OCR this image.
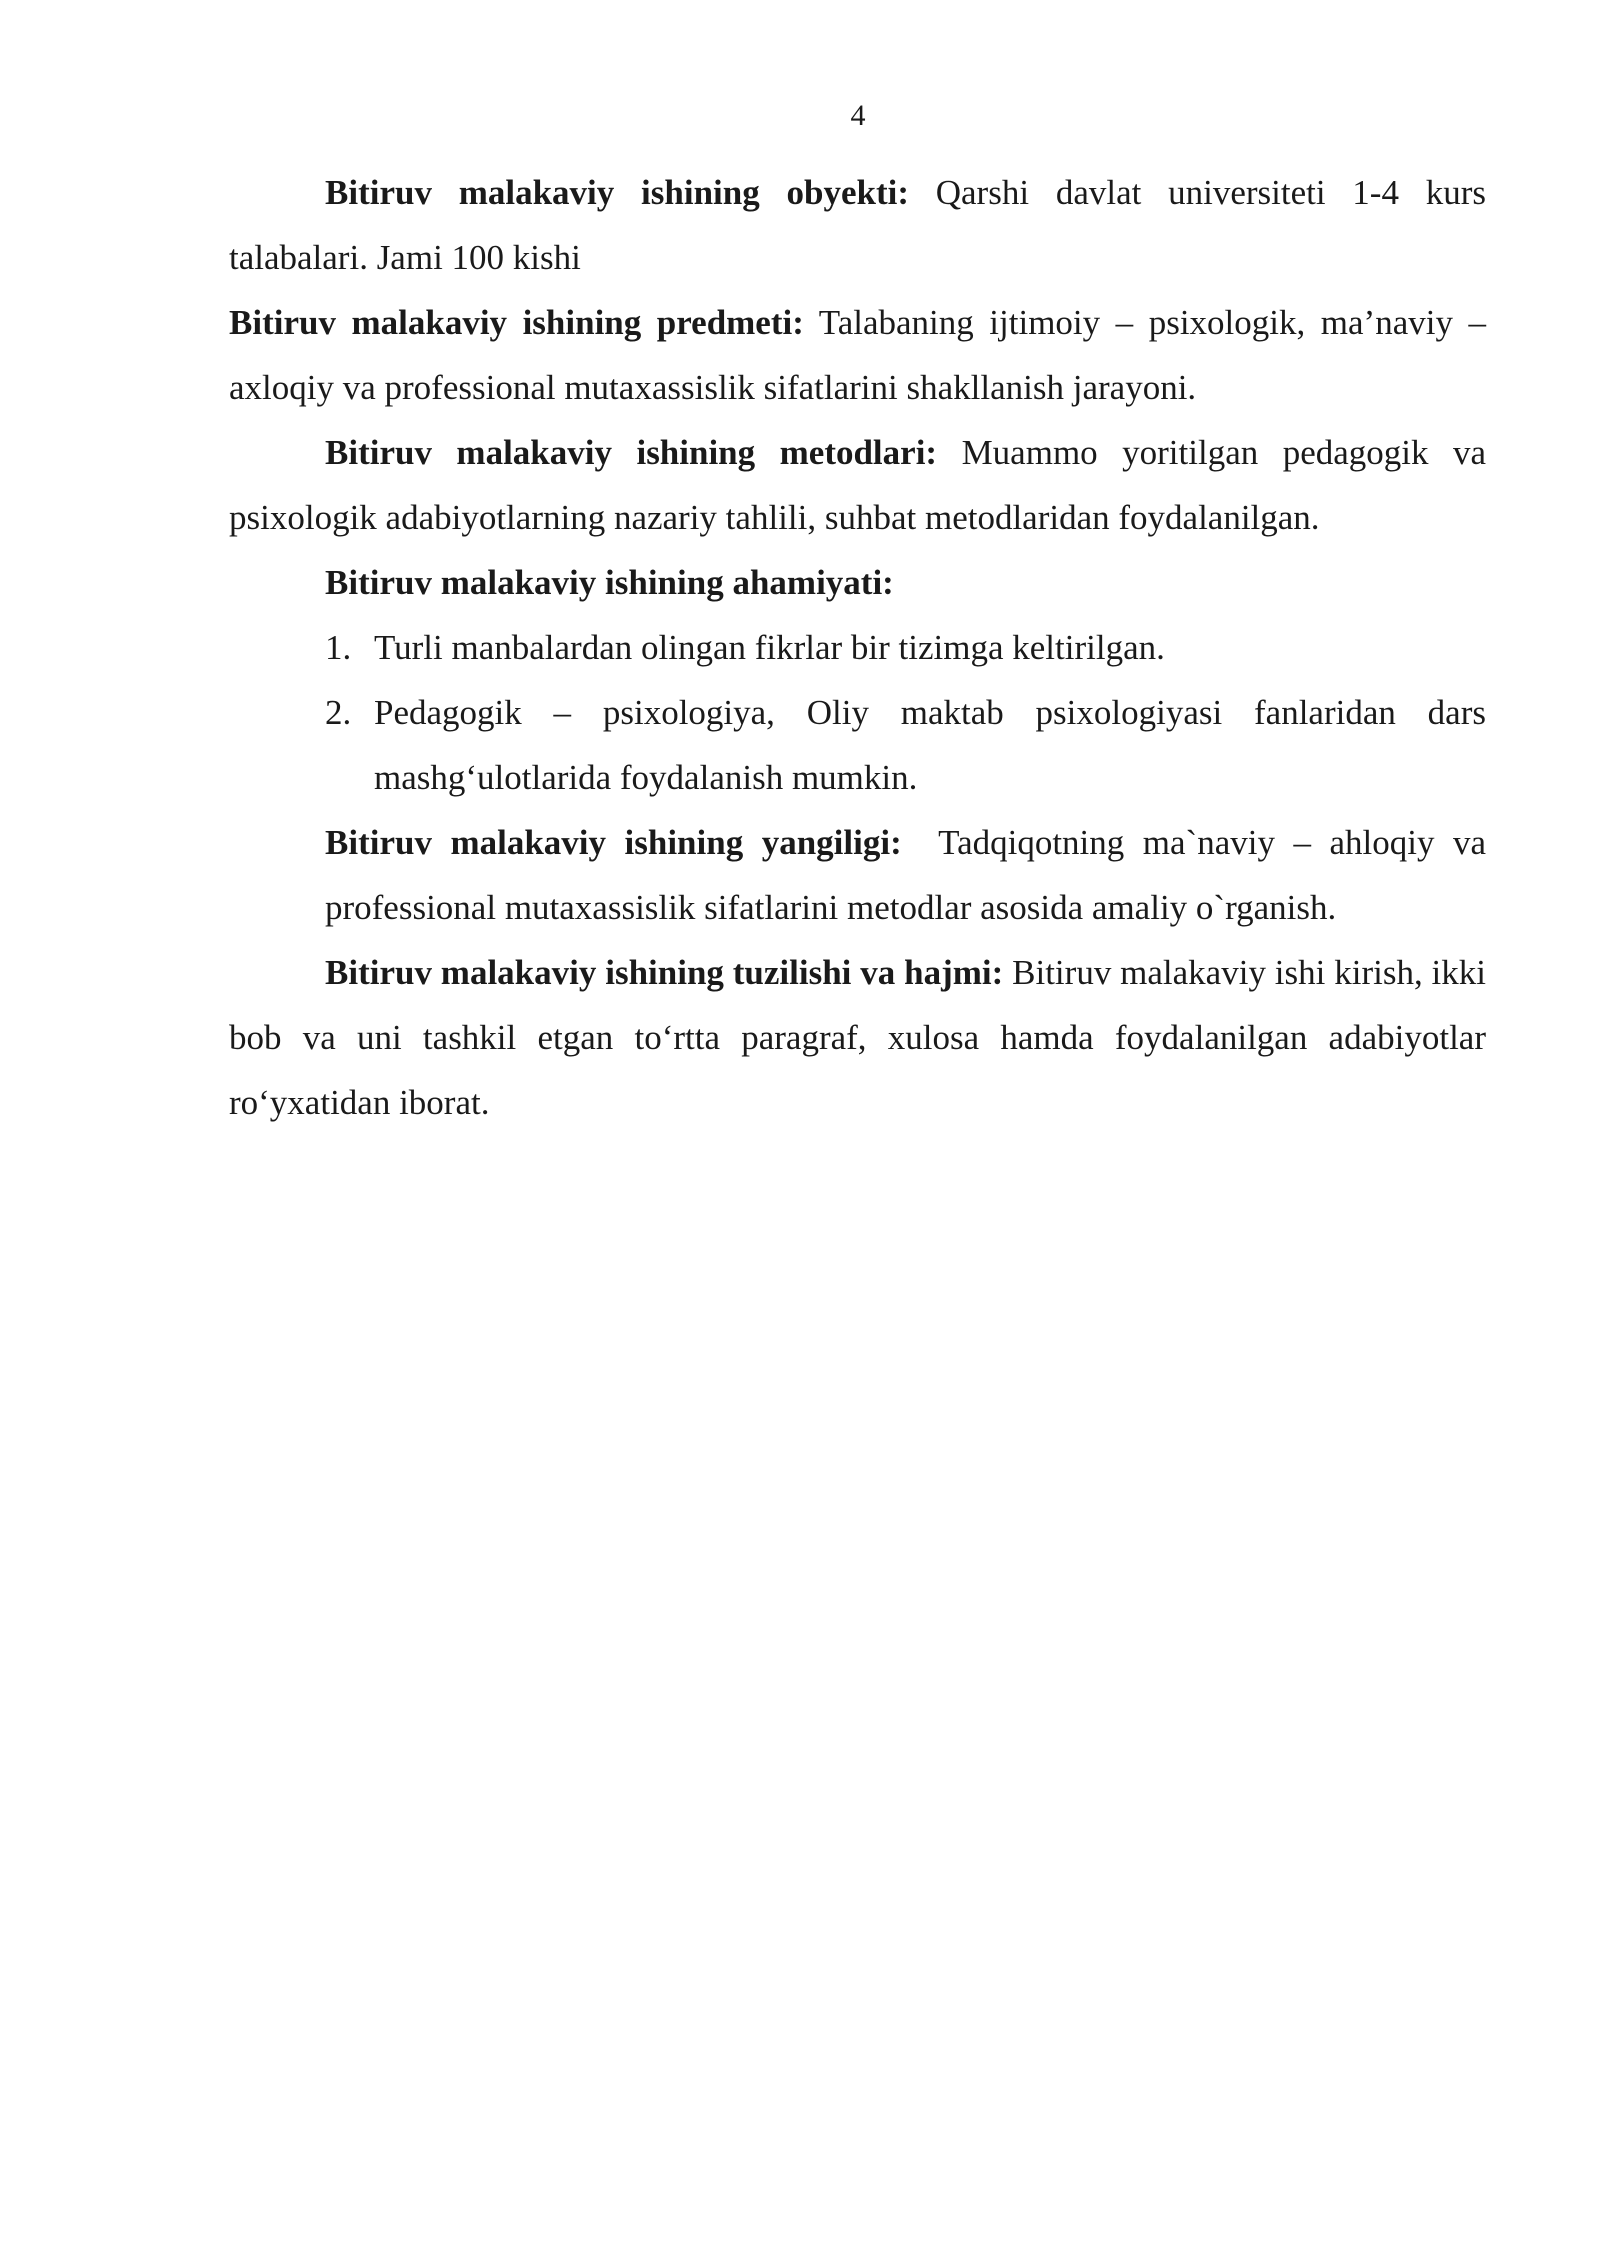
4

Bitiruv malakaviy ishining obyekti: Qarshi davlat universiteti 1-4 kurs talabalari. Jami 100 kishi

Bitiruv malakaviy ishining predmeti: Talabaning ijtimoiy – psixologik, ma’naviy – axloqiy va professional mutaxassislik sifatlarini shakllanish jarayoni.

Bitiruv malakaviy ishining metodlari: Muammo yoritilgan pedagogik va psixologik adabiyotlarning nazariy tahlili, suhbat metodlaridan foydalanilgan.

Bitiruv malakaviy ishining ahamiyati:

1. Turli manbalardan olingan fikrlar bir tizimga keltirilgan.
2. Pedagogik – psixologiya, Oliy maktab psixologiyasi fanlaridan dars mashg‘ulotlarida foydalanish mumkin.

Bitiruv malakaviy ishining yangiligi: Tadqiqotning ma`naviy – ahloqiy va professional mutaxassislik sifatlarini metodlar asosida amaliy o`rganish.

Bitiruv malakaviy ishining tuzilishi va hajmi: Bitiruv malakaviy ishi kirish, ikki bob va uni tashkil etgan to‘rtta paragraf, xulosa hamda foydalanilgan adabiyotlar ro‘yxatidan iborat.
